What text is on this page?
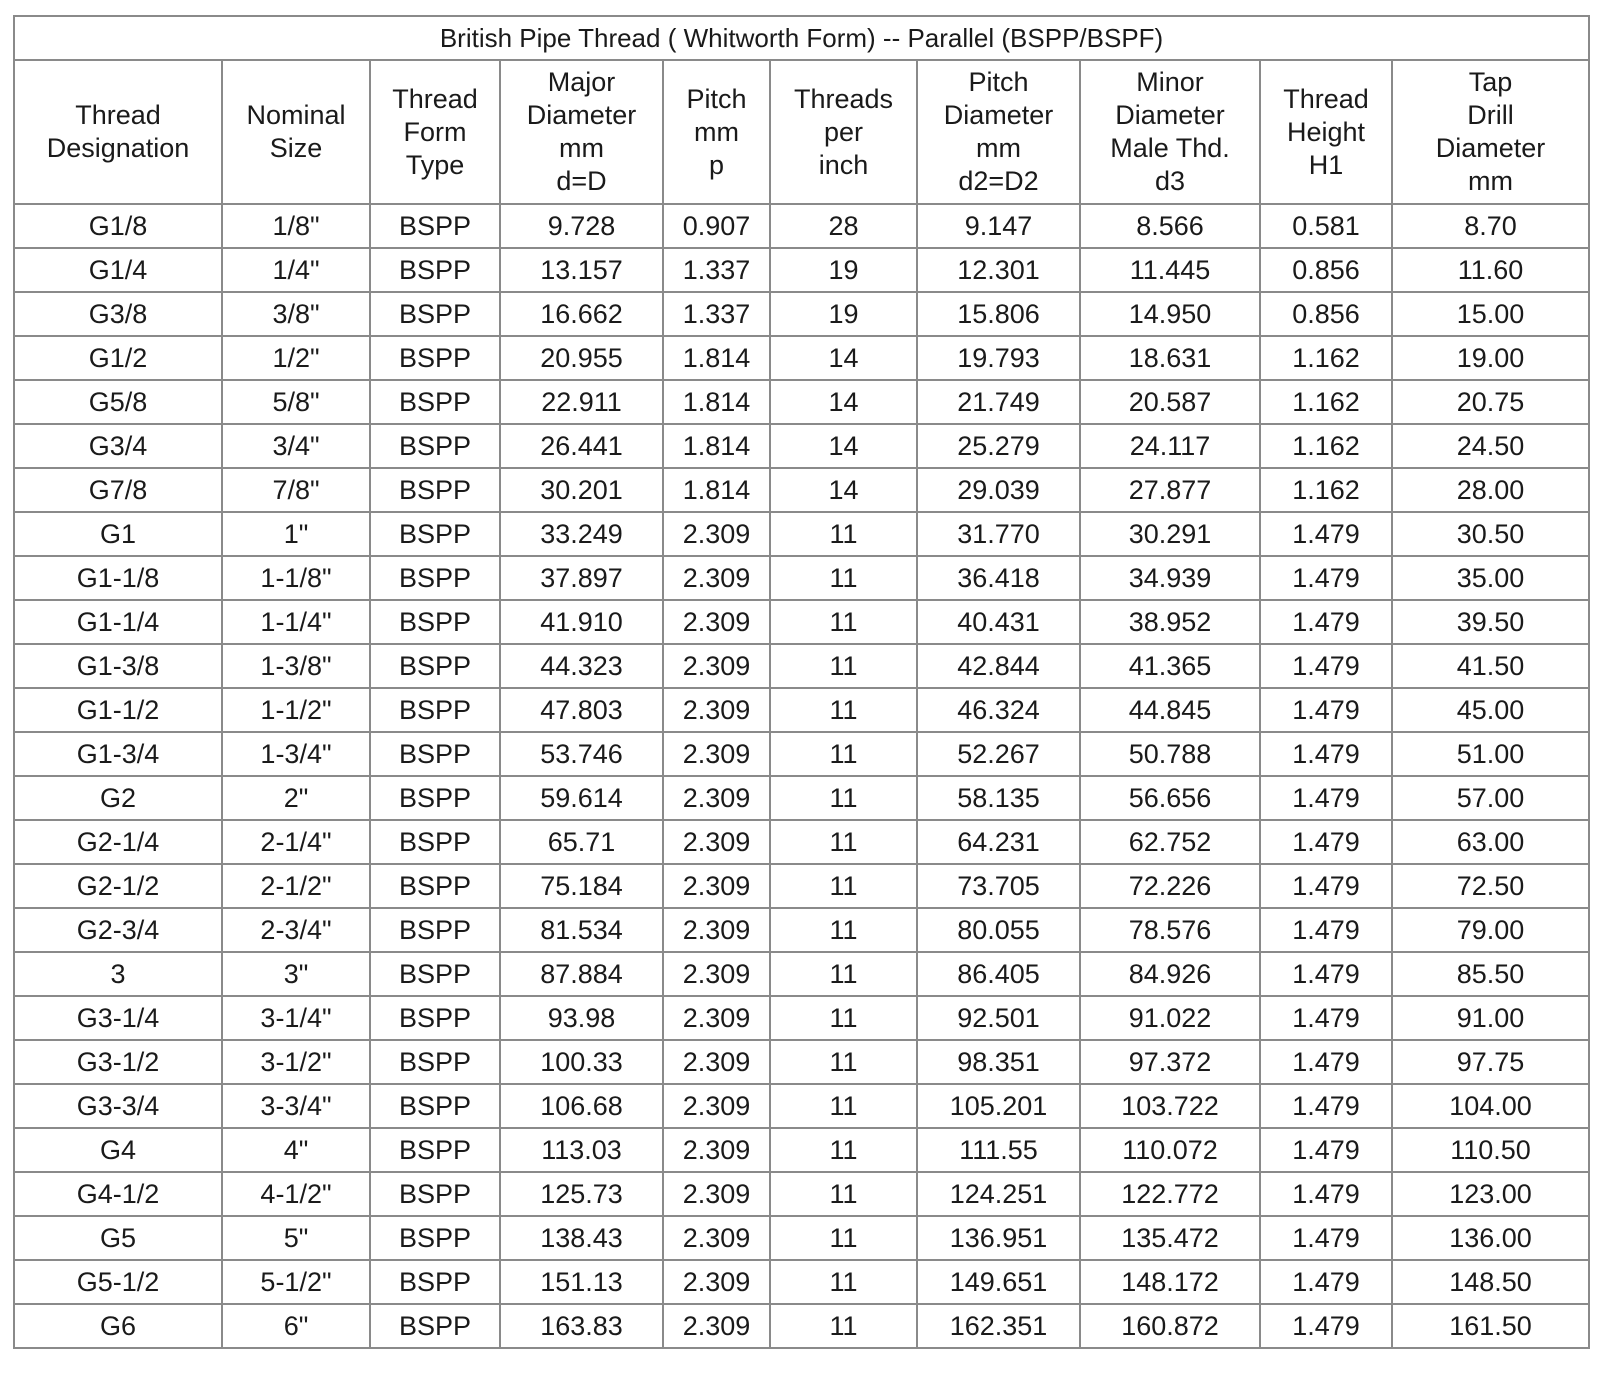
British Pipe Thread ( Whitworth Form) -- Parallel (BSPP/BSPF)									

Thread
Designation	Nominal
Size	Thread
Form
Type	Major
Diameter
mm
d=D	Pitch
mm
p	Threads
per
inch	Pitch
Diameter
mm
d2=D2	Minor
Diameter
Male Thd.
d3	Thread
Height
H1	Tap
Drill
Diameter
mm

G1/8	1/8"	BSPP	9.728	0.907	28	9.147	8.566	0.581	8.70
G1/4	1/4"	BSPP	13.157	1.337	19	12.301	11.445	0.856	11.60
G3/8	3/8"	BSPP	16.662	1.337	19	15.806	14.950	0.856	15.00
G1/2	1/2"	BSPP	20.955	1.814	14	19.793	18.631	1.162	19.00
G5/8	5/8"	BSPP	22.911	1.814	14	21.749	20.587	1.162	20.75
G3/4	3/4"	BSPP	26.441	1.814	14	25.279	24.117	1.162	24.50
G7/8	7/8"	BSPP	30.201	1.814	14	29.039	27.877	1.162	28.00
G1	1"	BSPP	33.249	2.309	11	31.770	30.291	1.479	30.50
G1-1/8	1-1/8"	BSPP	37.897	2.309	11	36.418	34.939	1.479	35.00
G1-1/4	1-1/4"	BSPP	41.910	2.309	11	40.431	38.952	1.479	39.50
G1-3/8	1-3/8"	BSPP	44.323	2.309	11	42.844	41.365	1.479	41.50
G1-1/2	1-1/2"	BSPP	47.803	2.309	11	46.324	44.845	1.479	45.00
G1-3/4	1-3/4"	BSPP	53.746	2.309	11	52.267	50.788	1.479	51.00
G2	2"	BSPP	59.614	2.309	11	58.135	56.656	1.479	57.00
G2-1/4	2-1/4"	BSPP	65.71	2.309	11	64.231	62.752	1.479	63.00
G2-1/2	2-1/2"	BSPP	75.184	2.309	11	73.705	72.226	1.479	72.50
G2-3/4	2-3/4"	BSPP	81.534	2.309	11	80.055	78.576	1.479	79.00
3	3"	BSPP	87.884	2.309	11	86.405	84.926	1.479	85.50
G3-1/4	3-1/4"	BSPP	93.98	2.309	11	92.501	91.022	1.479	91.00
G3-1/2	3-1/2"	BSPP	100.33	2.309	11	98.351	97.372	1.479	97.75
G3-3/4	3-3/4"	BSPP	106.68	2.309	11	105.201	103.722	1.479	104.00
G4	4"	BSPP	113.03	2.309	11	111.55	110.072	1.479	110.50
G4-1/2	4-1/2"	BSPP	125.73	2.309	11	124.251	122.772	1.479	123.00
G5	5"	BSPP	138.43	2.309	11	136.951	135.472	1.479	136.00
G5-1/2	5-1/2"	BSPP	151.13	2.309	11	149.651	148.172	1.479	148.50
G6	6"	BSPP	163.83	2.309	11	162.351	160.872	1.479	161.50
